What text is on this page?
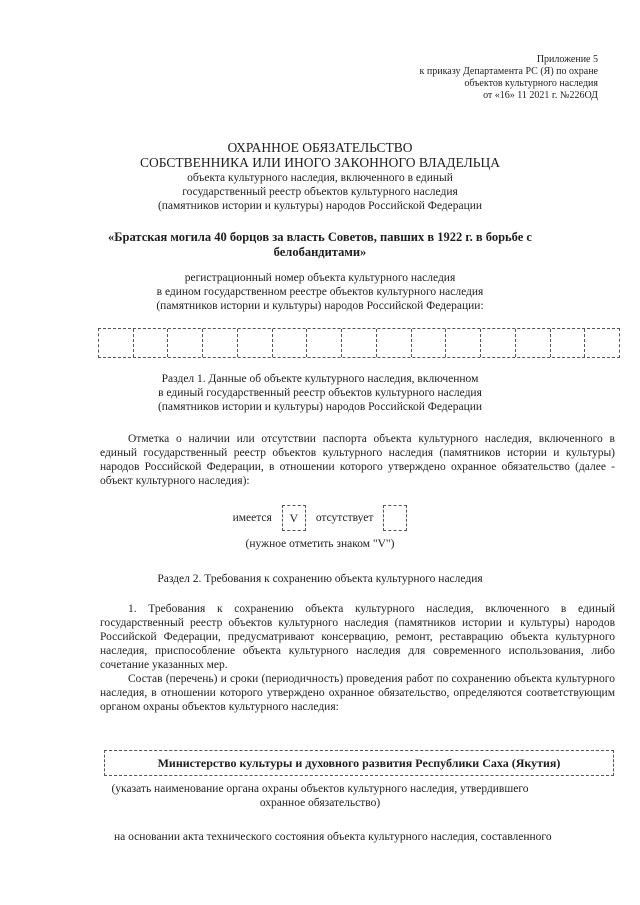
Приложение 5
к приказу Департамента РС (Я) по охране
объектов культурного наследия
от «16» 11 2021 г. №226ОД
ОХРАННОЕ ОБЯЗАТЕЛЬСТВО
СОБСТВЕННИКА ИЛИ ИНОГО ЗАКОННОГО ВЛАДЕЛЬЦА
объекта культурного наследия, включенного в единый
государственный реестр объектов культурного наследия
(памятников истории и культуры) народов Российской Федерации
«Братская могила 40 борцов за власть Советов, павших в 1922 г. в борьбе с
белобандитами»
регистрационный номер объекта культурного наследия
в едином государственном реестре объектов культурного наследия
(памятников истории и культуры) народов Российской Федерации:
Раздел 1. Данные об объекте культурного наследия, включенном
в единый государственный реестр объектов культурного наследия
(памятников истории и культуры) народов Российской Федерации
Отметка о наличии или отсутствии паспорта объекта культурного наследия, включенного в единый государственный реестр объектов культурного наследия (памятников истории и культуры) народов Российской Федерации, в отношении которого утверждено охранное обязательство (далее - объект культурного наследия):
имеется	V	отсутствует
(нужное отметить знаком "V")
Раздел 2. Требования к сохранению объекта культурного наследия
1. Требования к сохранению объекта культурного наследия, включенного в единый государственный реестр объектов культурного наследия (памятников истории и культуры) народов Российской Федерации, предусматривают консервацию, ремонт, реставрацию объекта культурного наследия, приспособление объекта культурного наследия для современного использования, либо сочетание указанных мер.
Состав (перечень) и сроки (периодичность) проведения работ по сохранению объекта культурного наследия, в отношении которого утверждено охранное обязательство, определяются соответствующим органом охраны объектов культурного наследия:
Министерство культуры и духовного развития Республики Саха (Якутия)
(указать наименование органа охраны объектов культурного наследия, утвердившего
охранное обязательство)
на основании акта технического состояния объекта культурного наследия, составленного
